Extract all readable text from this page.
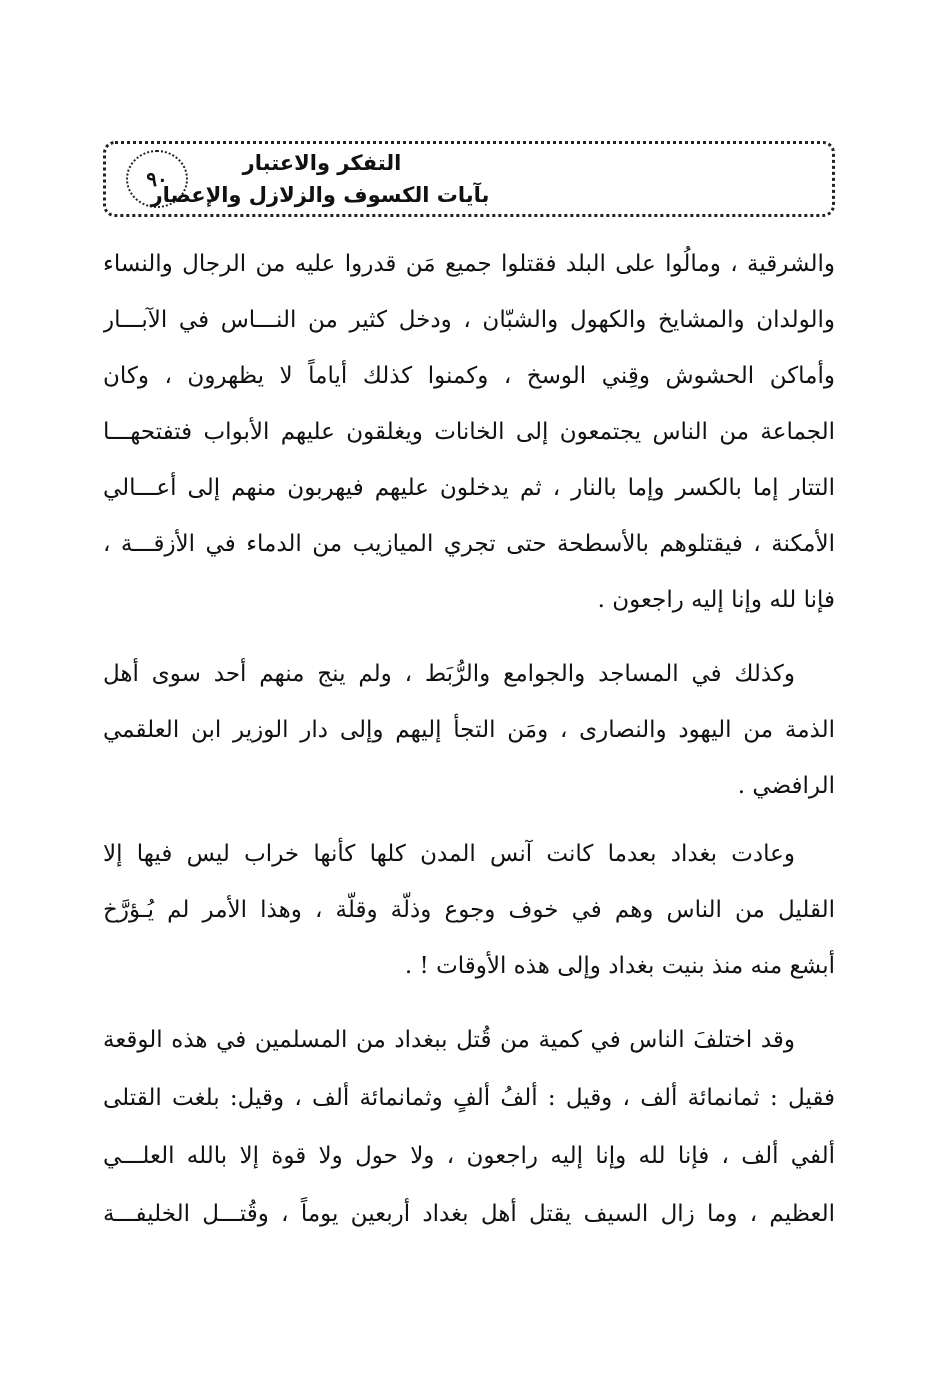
٩٠
التفكر والاعتبار
بآيات الكسوف والزلازل والإعصار
والشرقية ، ومالُوا على البلد فقتلوا جميع مَن قدروا عليه من الرجال والنساء
والولدان والمشايخ والكهول والشبّان ، ودخل كثير من النـــاس في الآبـــار
وأماكن الحشوش وقِني الوسخ ، وكمنوا كذلك أياماً لا يظهرون ، وكان
الجماعة من الناس يجتمعون إلى الخانات ويغلقون عليهم الأبواب فتفتحهـــا
التتار إما بالكسر وإما بالنار ، ثم يدخلون عليهم فيهربون منهم إلى أعـــالي
الأمكنة ، فيقتلوهم بالأسطحة حتى تجري الميازيب من الدماء في الأزقـــة ،
فإنا لله وإنا إليه راجعون .
وكذلك في المساجد والجوامع والرُّبَط ، ولم ينج منهم أحد سوى أهل
الذمة من اليهود والنصارى ، ومَن التجأ إليهم وإلى دار الوزير ابن العلقمي
الرافضي .
وعادت بغداد بعدما كانت آنس المدن كلها كأنها خراب ليس فيها إلا
القليل من الناس وهم في خوف وجوع وذلّة وقلّة ، وهذا الأمر لم يُـؤرَّخ
أبشع منه منذ بنيت بغداد وإلى هذه الأوقات ! .
وقد اختلفَ الناس في كمية من قُتل ببغداد من المسلمين في هذه الوقعة
فقيل : ثمانمائة ألف ، وقيل : ألفُ ألفٍ وثمانمائة ألف ، وقيل: بلغت القتلى
ألفي ألف ، فإنا لله وإنا إليه راجعون ، ولا حول ولا قوة إلا بالله العلـــي
العظيم ، وما زال السيف يقتل أهل بغداد أربعين يوماً ، وقُتـــل الخليفـــة
